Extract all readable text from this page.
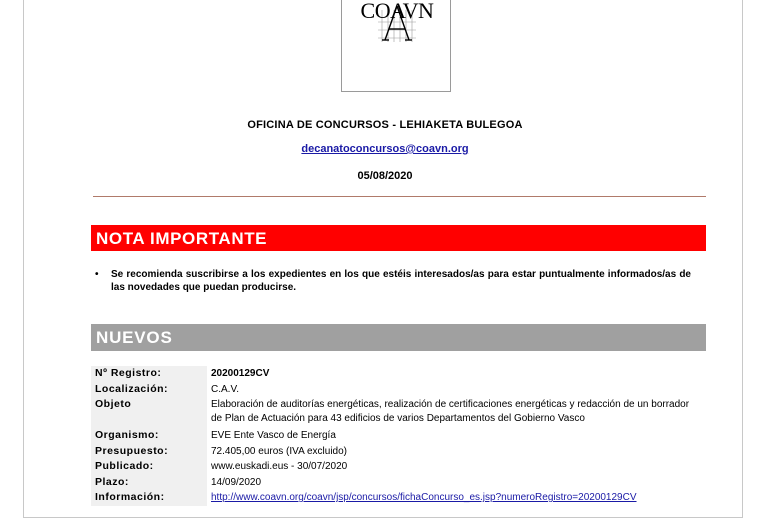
COAVN
OFICINA DE CONCURSOS - LEHIAKETA BULEGOA
decanatoconcursos@coavn.org
05/08/2020
NOTA IMPORTANTE
• Se recomienda suscribirse a los expedientes en los que estéis interesados/as para estar puntualmente informados/as de las novedades que puedan producirse.
NUEVOS
Nº Registro:	20200129CV
Localización:	C.A.V.
Objeto	Elaboración de auditorías energéticas, realización de certificaciones energéticas y redacción de un borrador de Plan de Actuación para 43 edificios de varios Departamentos del Gobierno Vasco
Organismo:	EVE Ente Vasco de Energía
Presupuesto:	72.405,00 euros (IVA excluido)
Publicado:	www.euskadi.eus - 30/07/2020
Plazo:	14/09/2020
Información:	http://www.coavn.org/coavn/jsp/concursos/fichaConcurso_es.jsp?numeroRegistro=20200129CV
